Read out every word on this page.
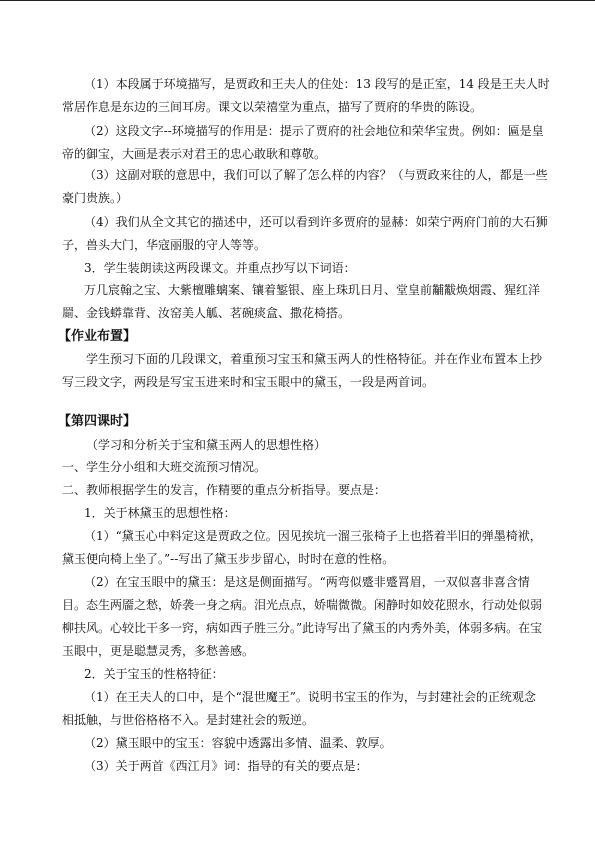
（1）本段属于环境描写，是贾政和王夫人的住处：13 段写的是正室，14 段是王夫人时
常居作息是东边的三间耳房。课文以荣禧堂为重点，描写了贾府的华贵的陈设。
（2）这段文字--环境描写的作用是：提示了贾府的社会地位和荣华宝贵。例如：匾是皇
帝的御宝，大画是表示对君王的忠心敢耿和尊敬。
（3）这副对联的意思中，我们可以了解了怎么样的内容？（与贾政来往的人，都是一些
豪门贵族。）
（4）我们从全文其它的描述中，还可以看到许多贾府的显赫：如荣宁两府门前的大石狮
子，兽头大门，华寇丽服的守人等等。
3．学生装朗读这两段课文。并重点抄写以下词语：
万几宸翰之宝、大紫檀雕螭案、镶着錾银、座上珠玑日月、堂皇前黼黻焕烟霞、猩红洋
罽、金钱蟒靠背、汝窑美人觚、茗碗痰盒、撒花椅搭。
学生预习下面的几段课文，着重预习宝玉和黛玉两人的性格特征。并在作业布置本上抄
写三段文字，两段是写宝玉进来时和宝玉眼中的黛玉，一段是两首词。
（学习和分析关于宝和黛玉两人的思想性格）
一、学生分小组和大班交流预习情况。
二、教师根据学生的发言，作精要的重点分析指导。要点是：
1．关于林黛玉的思想性格：
（1）“黛玉心中料定这是贾政之位。因见挨坑一溜三张椅子上也搭着半旧的弹墨椅袱，
黛玉便向椅上坐了。”--写出了黛玉步步留心，时时在意的性格。
（2）在宝玉眼中的黛玉：是这是侧面描写。“两弯似蹙非蹙罥眉，一双似喜非喜含情
目。态生两靥之愁，娇袭一身之病。泪光点点，娇喘微微。闲静时如姣花照水，行动处似弱
柳扶风。心较比干多一窍，病如西子胜三分。”此诗写出了黛玉的内秀外美，体弱多病。在宝
玉眼中，更是聪慧灵秀，多愁善感。
2．关于宝玉的性格特征：
（1）在王夫人的口中，是个“混世魔王”。说明书宝玉的作为，与封建社会的正统观念
相抵触，与世俗格格不入。是封建社会的叛逆。
（2）黛玉眼中的宝玉：容貌中透露出多情、温柔、敦厚。
（3）关于两首《西江月》词：指导的有关的要点是：
【作业布置】
【第四课时】
